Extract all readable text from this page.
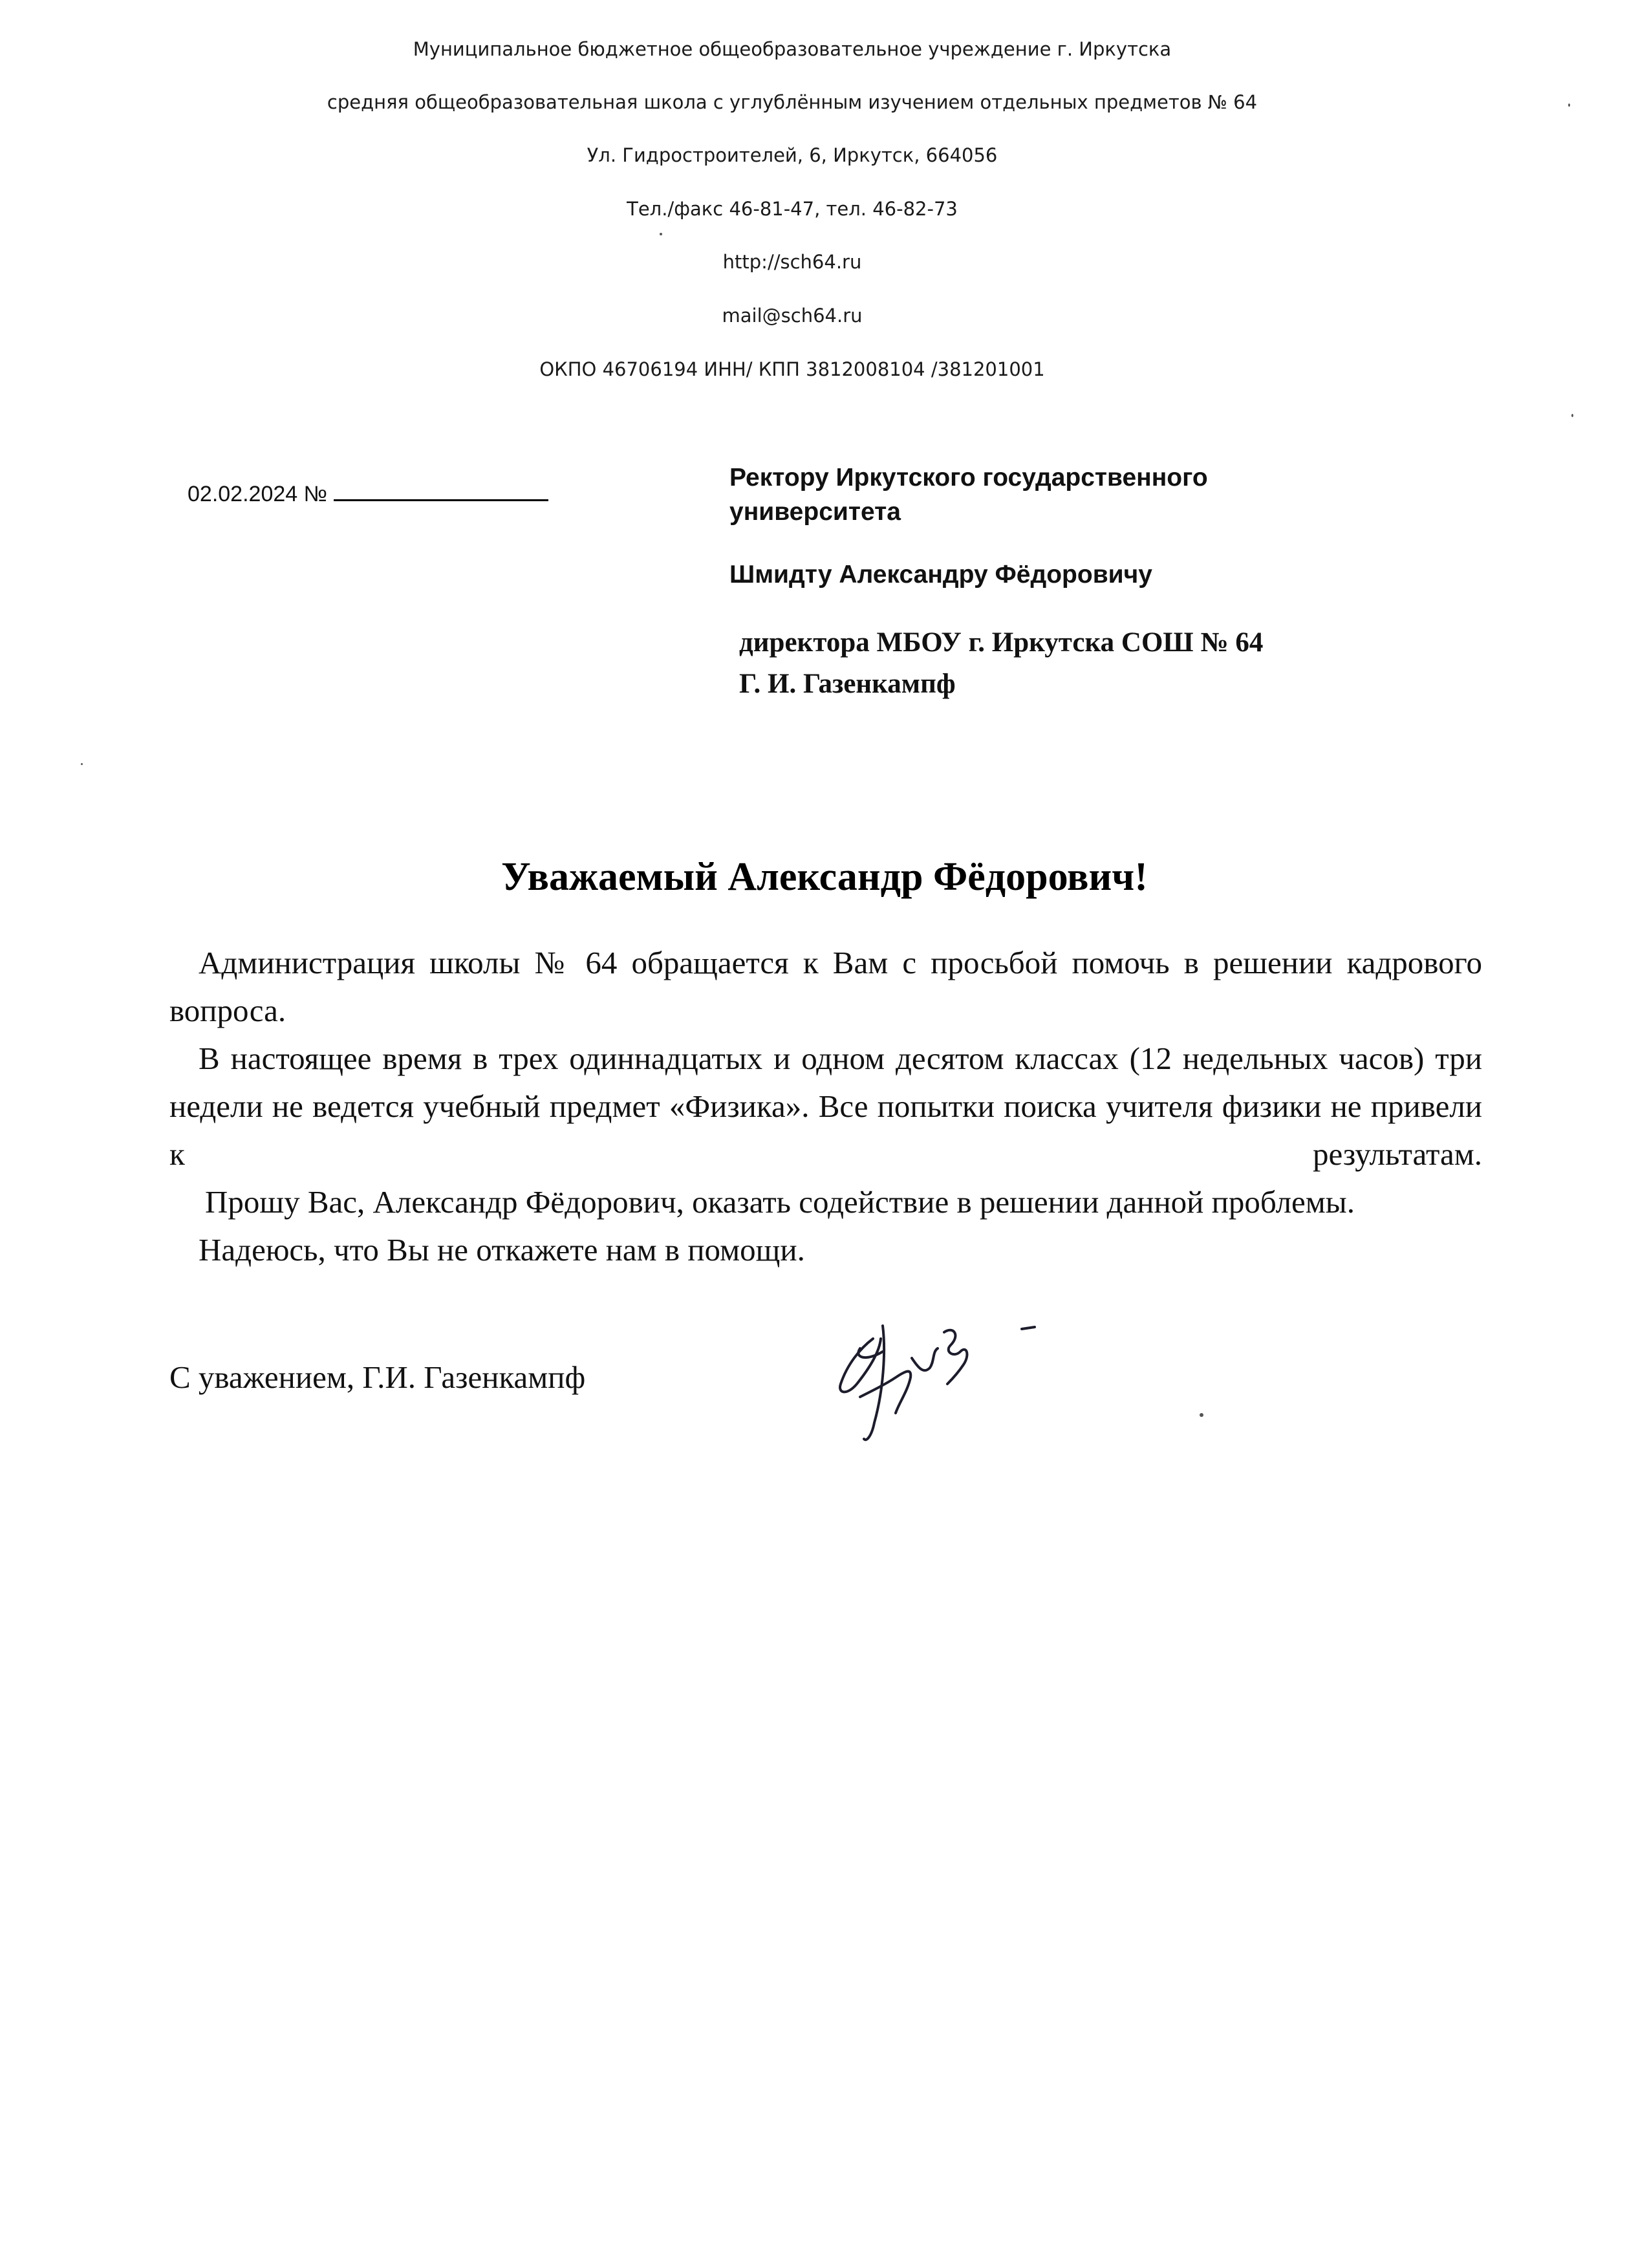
Муниципальное бюджетное общеобразовательное учреждение г. Иркутска
средняя общеобразовательная школа с углублённым изучением отдельных предметов № 64
Ул. Гидростроителей, 6, Иркутск, 664056
Тел./факс 46-81-47, тел. 46-82-73
http://sch64.ru
mail@sch64.ru
ОКПО 46706194 ИНН/ КПП 3812008104 /381201001
02.02.2024 №
Ректору Иркутского государственного
университета
Шмидту Александру Фёдоровичу
директора МБОУ г. Иркутска СОШ № 64
Г. И. Газенкампф
Уважаемый Александр Фёдорович!

Администрация школы № 64 обращается к Вам с просьбой помочь в решении кадрового вопроса.

В настоящее время в трех одиннадцатых и одном десятом классах (12 недельных часов) три недели не ведется учебный предмет «Физика». Все попытки поиска учителя физики не привели к результатам.

Прошу Вас, Александр Фёдорович, оказать содействие в решении данной проблемы.

Надеюсь, что Вы не откажете нам в помощи.

С уважением, Г.И. Газенкампф
